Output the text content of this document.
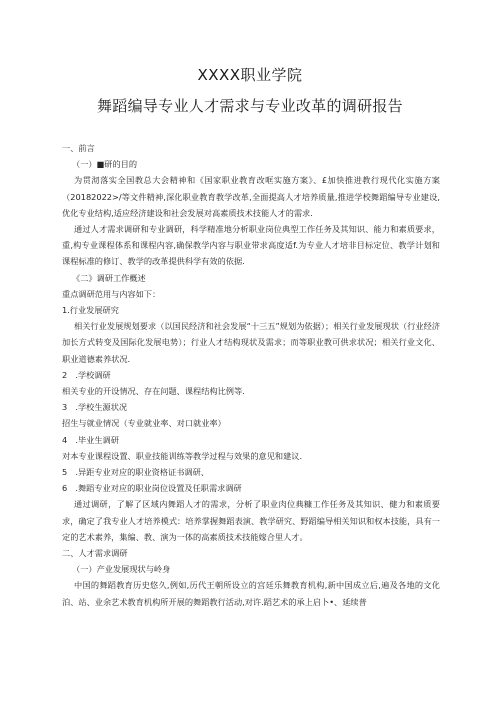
XXXX职业学院
舞蹈编导专业人才需求与专业改革的调研报告

一、前言

（一）■研的目的

为贯沏落实全国教总大会精神和《国家职业教育改哐实施方案》、£加快推进教行现代化实施方案（20182022>/等文件精神,深化职业教育教学改革,全面提高人才培养质量,推进学校舞蹈编导专业建设,优化专业结构,适应经济建设和社会发展对高素质技术技能人才的需求.

通过人才需求调研和专业调研，科学精准地分析职业岗位典型工作任务及其知识、能力和素质要求，重,构专业课程体系和课程内容,确保教学内容与职业带求高度适f.为专业人才培非目标定位、教学计划和课程标准的修订、教学的改革提供科学有效的依据.

《二》调研工作概述

重点调研范用与内容如下：

1.行业发展研究

相关行业发展规划要求（以国民经济和社会发展“十三五”规划为依据）；相关行业发展现状（行业经济加长方式转变及国际化发展电势）；行业人才结构现状及需求；而等职业教可供求状况；相关行业文化、职业道德素养状况.

2　.学校调研

相关专业的开设情况、存在问题、课程结构比例等.

3　.学校生源状况

招生与就业情况（专业就业率、对口就业率）

4　.毕业生调研

对本专业课程设置、职业技能训练等教学过程与效果的意见和建议.

5　.异距专业对应的职业资格证书调研、

6　.舞蹈专业对应的职业岗位设置及任职需求调研

通过调研，了解了区域内舞蹈人才的需求，分析了职业肉位典糠工作任务及其知识、健力和素质要求，确定了我专业人才培养模式：培养掌握舞蹈表演、教学研究、野蹈编导相关知识和权本技能，具有一定的艺术素养，集编、教、演为一体的高素质技术技能嫁合里人才。

二、人才需求调研

（一）产业发展现状与岭身

中国的舞蹈教育历史悠久,例如,历代王朝所设立的宫廷乐舞教育机构,新中国成立后,遍及各地的文化泊、站、业余艺术教育机构所开展的舞蹈教行活动,对许.蹈艺术的承上启卜•、延续普
